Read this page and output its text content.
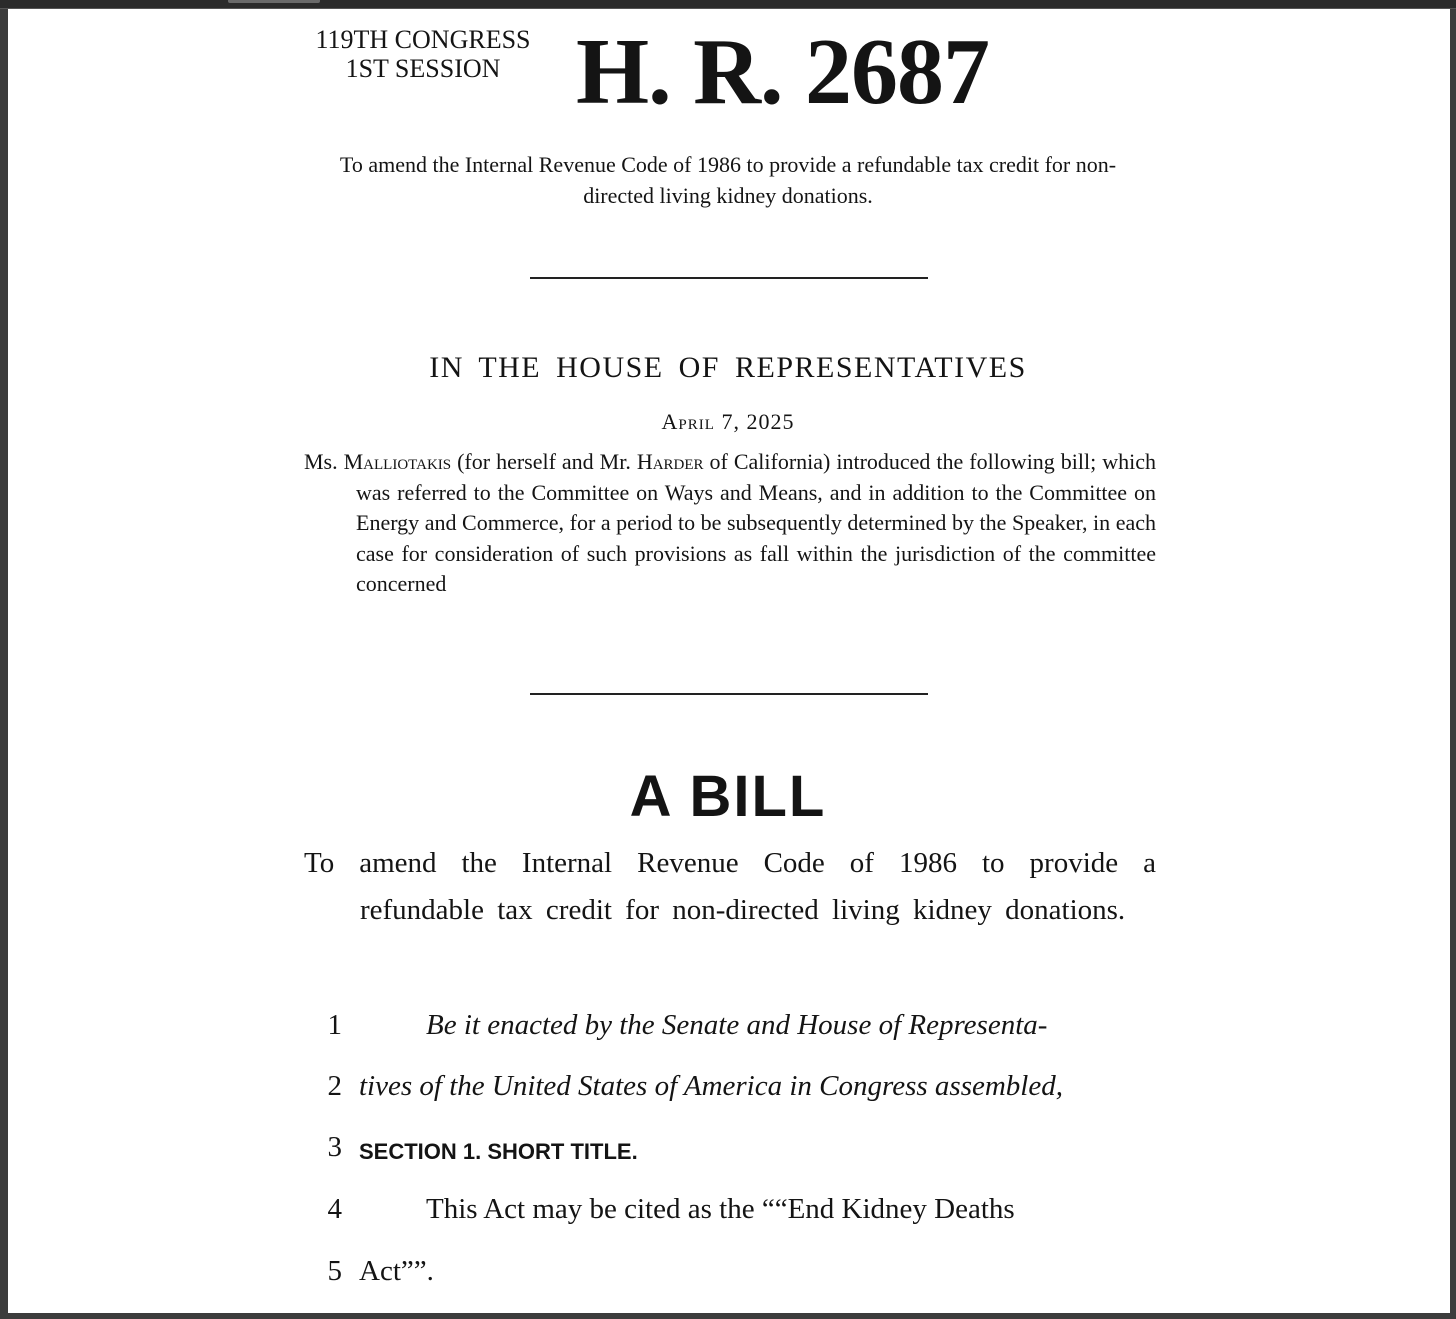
119TH CONGRESS
1ST SESSION H. R. 2687
To amend the Internal Revenue Code of 1986 to provide a refundable tax credit for non-directed living kidney donations.
IN THE HOUSE OF REPRESENTATIVES
April 7, 2025
Ms. Malliotakis (for herself and Mr. Harder of California) introduced the following bill; which was referred to the Committee on Ways and Means, and in addition to the Committee on Energy and Commerce, for a period to be subsequently determined by the Speaker, in each case for consideration of such provisions as fall within the jurisdiction of the committee concerned
A BILL
To amend the Internal Revenue Code of 1986 to provide a refundable tax credit for non-directed living kidney donations.
1	Be it enacted by the Senate and House of Representa-
2 tives of the United States of America in Congress assembled,
3 SECTION 1. SHORT TITLE.
4	This Act may be cited as the ““End Kidney Deaths
5 Act””.
